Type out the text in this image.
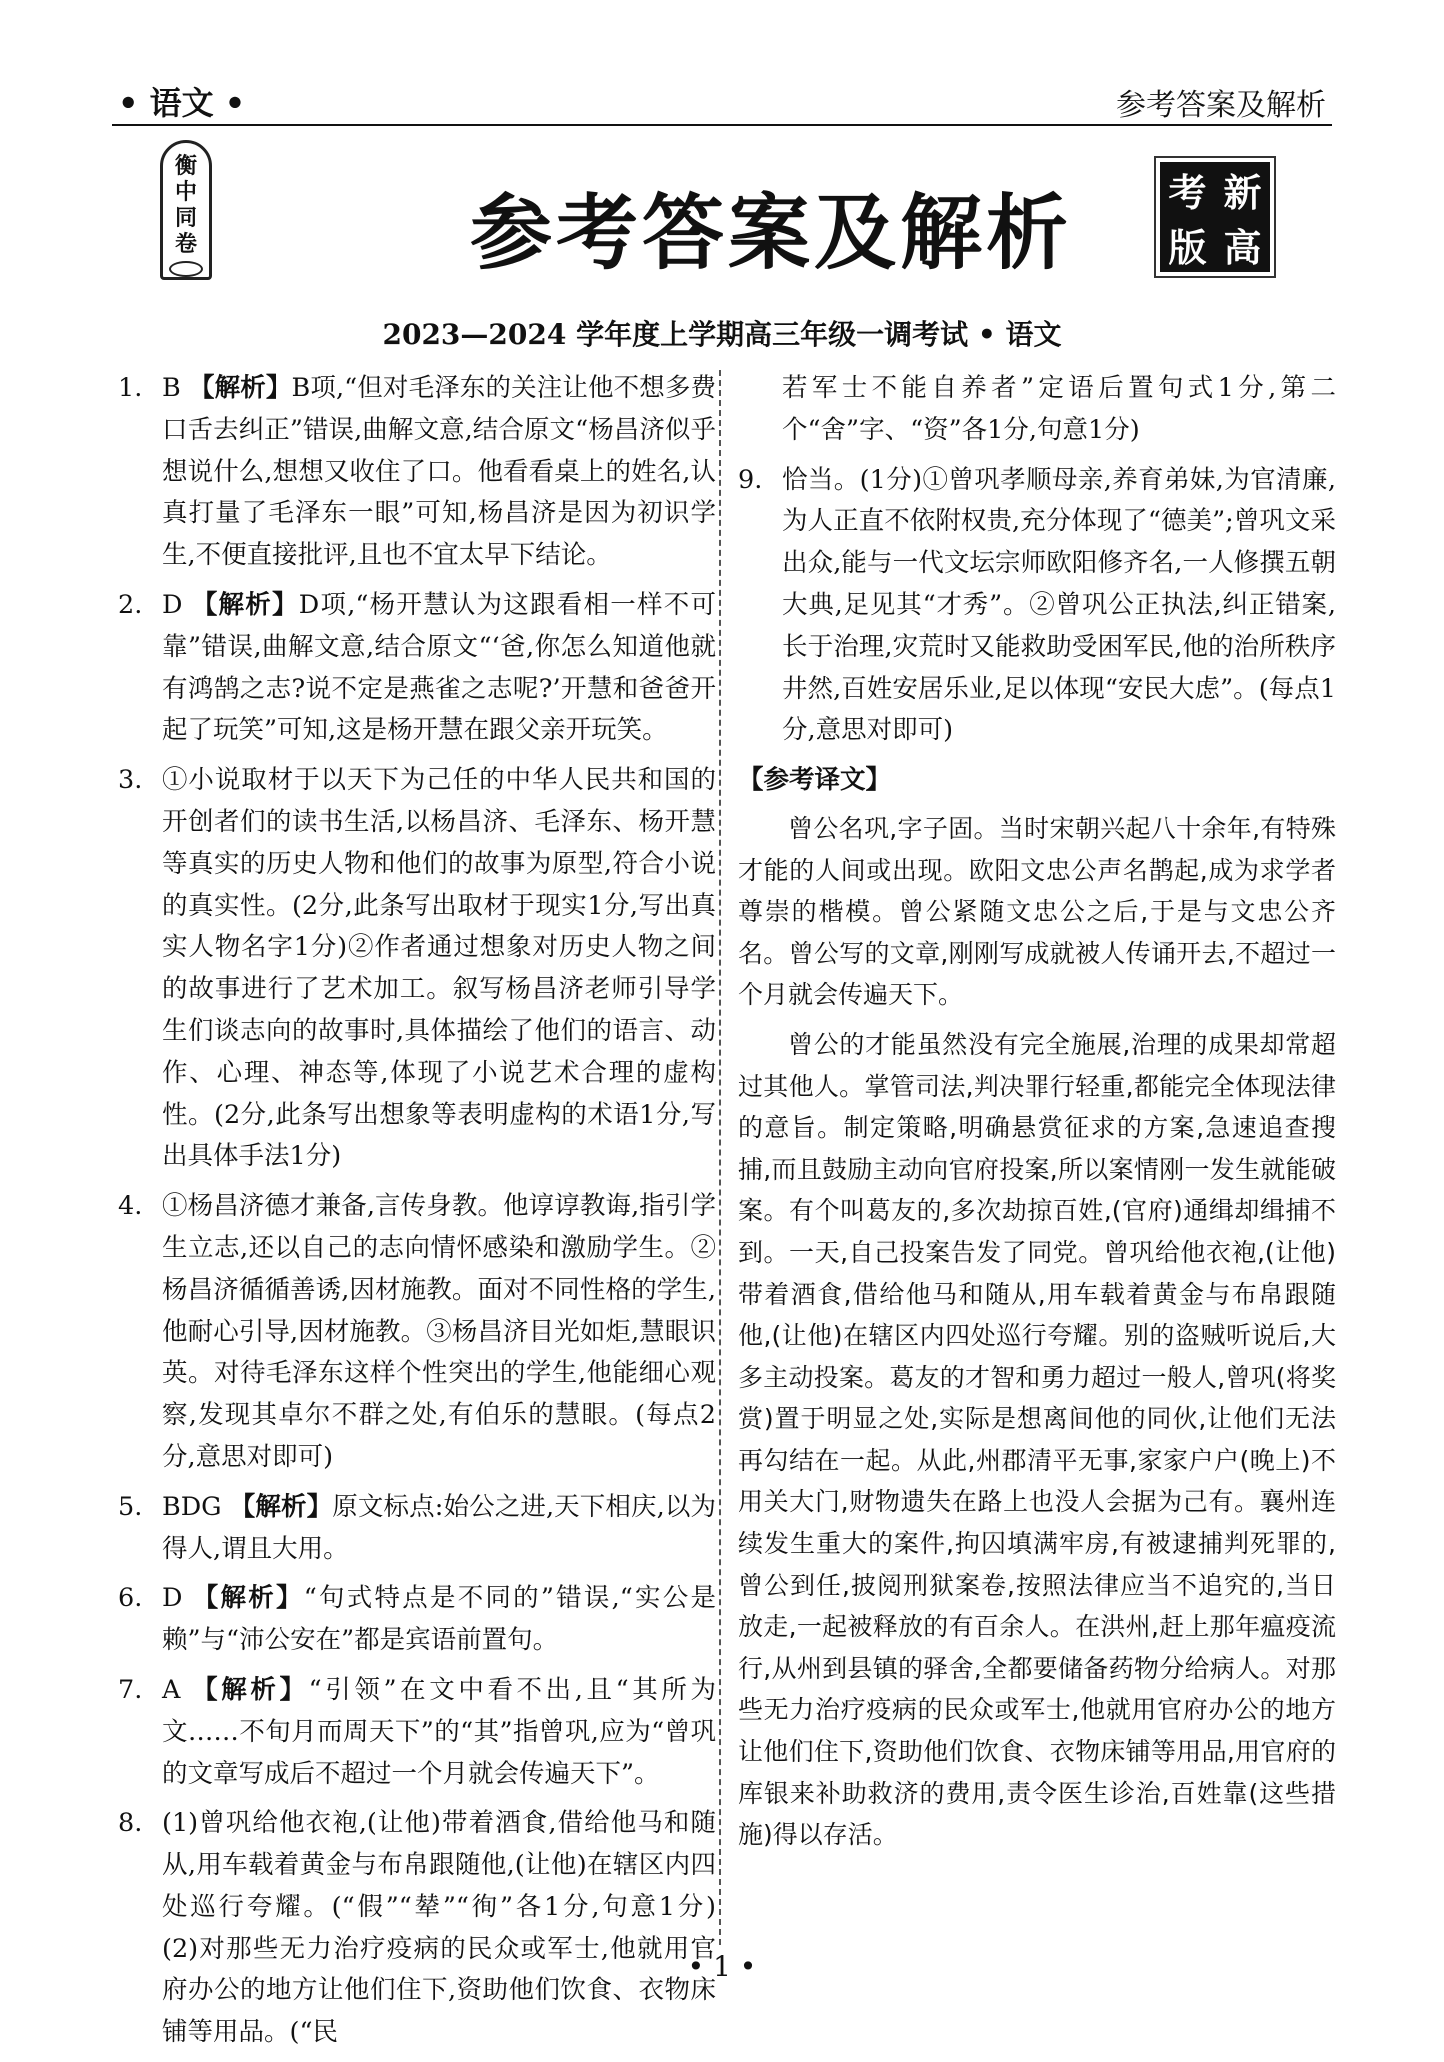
• 语文 •	参考答案及解析
衡
中
同
卷	参考答案及解析	考 新
版 高
2023—2024 学年度上学期高三年级一调考试 • 语文
1. B 【解析】B项,“但对毛泽东的关注让他不想多费口舌去纠正”错误,曲解文意,结合原文“杨昌济似乎想说什么,想想又收住了口。他看看桌上的姓名,认真打量了毛泽东一眼”可知,杨昌济是因为初识学生,不便直接批评,且也不宜太早下结论。
2. D 【解析】D项,“杨开慧认为这跟看相一样不可靠”错误,曲解文意,结合原文“‘爸,你怎么知道他就有鸿鹄之志?说不定是燕雀之志呢?’开慧和爸爸开起了玩笑”可知,这是杨开慧在跟父亲开玩笑。
3. ①小说取材于以天下为己任的中华人民共和国的开创者们的读书生活,以杨昌济、毛泽东、杨开慧等真实的历史人物和他们的故事为原型,符合小说的真实性。(2分,此条写出取材于现实1分,写出真实人物名字1分)②作者通过想象对历史人物之间的故事进行了艺术加工。叙写杨昌济老师引导学生们谈志向的故事时,具体描绘了他们的语言、动作、心理、神态等,体现了小说艺术合理的虚构性。(2分,此条写出想象等表明虚构的术语1分,写出具体手法1分)
4. ①杨昌济德才兼备,言传身教。他谆谆教诲,指引学生立志,还以自己的志向情怀感染和激励学生。②杨昌济循循善诱,因材施教。面对不同性格的学生,他耐心引导,因材施教。③杨昌济目光如炬,慧眼识英。对待毛泽东这样个性突出的学生,他能细心观察,发现其卓尔不群之处,有伯乐的慧眼。(每点2分,意思对即可)
5. BDG 【解析】原文标点:始公之进,天下相庆,以为得人,谓且大用。
6. D 【解析】“句式特点是不同的”错误,“实公是赖”与“沛公安在”都是宾语前置句。
7. A 【解析】“引领”在文中看不出,且“其所为文……不旬月而周天下”的“其”指曾巩,应为“曾巩的文章写成后不超过一个月就会传遍天下”。
8. (1)曾巩给他衣袍,(让他)带着酒食,借给他马和随从,用车载着黄金与布帛跟随他,(让他)在辖区内四处巡行夸耀。(“假”“辇”“徇”各1分,句意1分)　(2)对那些无力治疗疫病的民众或军士,他就用官府办公的地方让他们住下,资助他们饮食、衣物床铺等用品。(“民
若军士不能自养者”定语后置句式1分,第二个“舍”字、“资”各1分,句意1分)
9. 恰当。(1分)①曾巩孝顺母亲,养育弟妹,为官清廉,为人正直不依附权贵,充分体现了“德美”;曾巩文采出众,能与一代文坛宗师欧阳修齐名,一人修撰五朝大典,足见其“才秀”。②曾巩公正执法,纠正错案,长于治理,灾荒时又能救助受困军民,他的治所秩序井然,百姓安居乐业,足以体现“安民大虑”。(每点1分,意思对即可)
【参考译文】
曾公名巩,字子固。当时宋朝兴起八十余年,有特殊才能的人间或出现。欧阳文忠公声名鹊起,成为求学者尊崇的楷模。曾公紧随文忠公之后,于是与文忠公齐名。曾公写的文章,刚刚写成就被人传诵开去,不超过一个月就会传遍天下。
曾公的才能虽然没有完全施展,治理的成果却常超过其他人。掌管司法,判决罪行轻重,都能完全体现法律的意旨。制定策略,明确悬赏征求的方案,急速追查搜捕,而且鼓励主动向官府投案,所以案情刚一发生就能破案。有个叫葛友的,多次劫掠百姓,(官府)通缉却缉捕不到。一天,自己投案告发了同党。曾巩给他衣袍,(让他)带着酒食,借给他马和随从,用车载着黄金与布帛跟随他,(让他)在辖区内四处巡行夸耀。别的盗贼听说后,大多主动投案。葛友的才智和勇力超过一般人,曾巩(将奖赏)置于明显之处,实际是想离间他的同伙,让他们无法再勾结在一起。从此,州郡清平无事,家家户户(晚上)不用关大门,财物遗失在路上也没人会据为己有。襄州连续发生重大的案件,拘囚填满牢房,有被逮捕判死罪的,曾公到任,披阅刑狱案卷,按照法律应当不追究的,当日放走,一起被释放的有百余人。在洪州,赶上那年瘟疫流行,从州到县镇的驿舍,全都要储备药物分给病人。对那些无力治疗疫病的民众或军士,他就用官府办公的地方让他们住下,资助他们饮食、衣物床铺等用品,用官府的库银来补助救济的费用,责令医生诊治,百姓靠(这些措施)得以存活。
• 1 •
